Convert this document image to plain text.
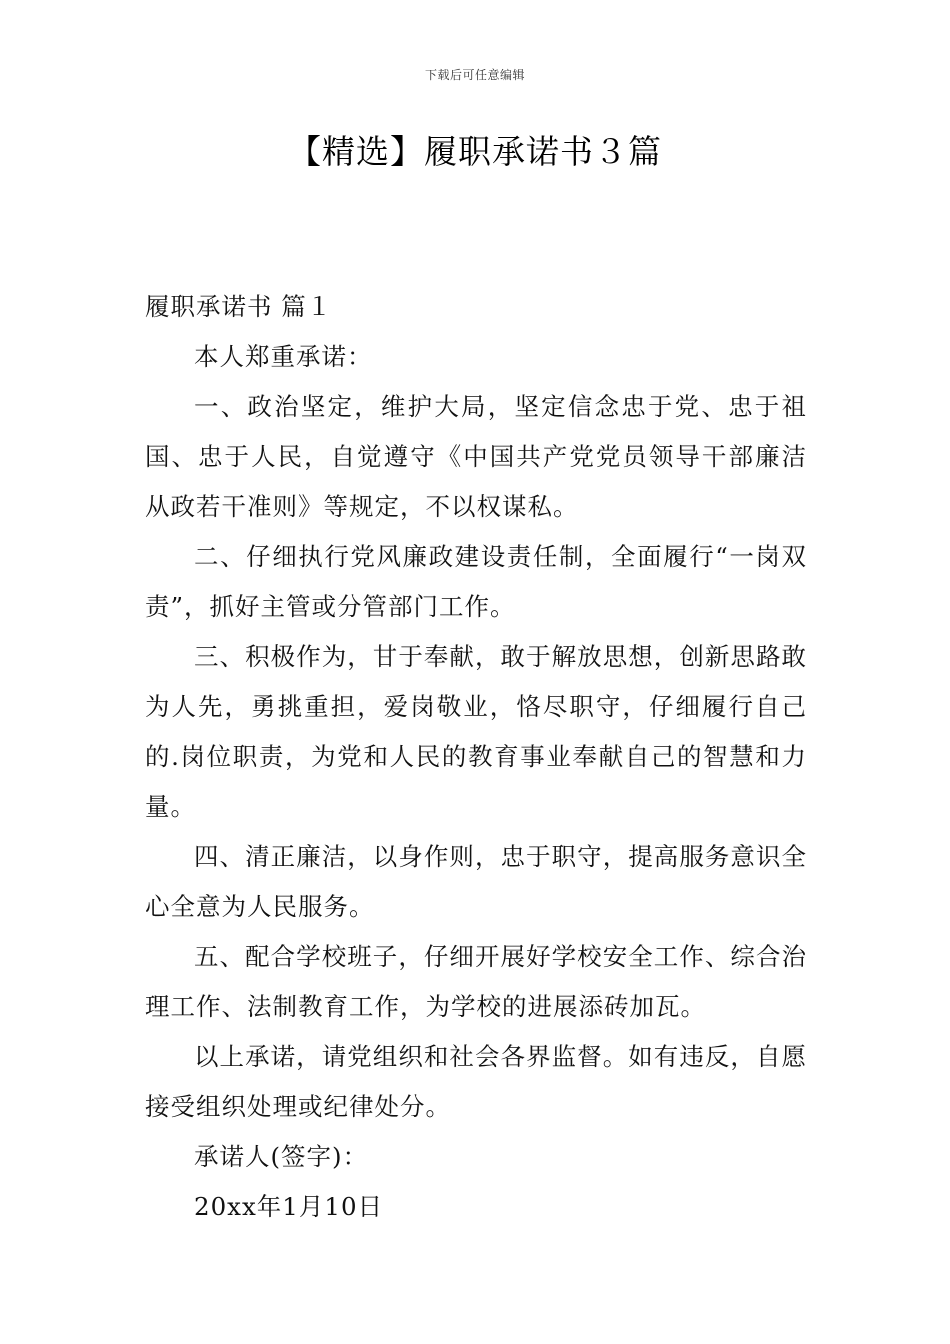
下载后可任意编辑
【精选】履职承诺书３篇

履职承诺书 篇１

本人郑重承诺：

一、政治坚定，维护大局，坚定信念忠于党、忠于祖国、忠于人民，自觉遵守《中国共产党党员领导干部廉洁从政若干准则》等规定，不以权谋私。

二、仔细执行党风廉政建设责任制，全面履行“一岗双责”，抓好主管或分管部门工作。

三、积极作为，甘于奉献，敢于解放思想，创新思路敢为人先，勇挑重担，爱岗敬业，恪尽职守，仔细履行自己的.岗位职责，为党和人民的教育事业奉献自己的智慧和力量。

四、清正廉洁，以身作则，忠于职守，提高服务意识全心全意为人民服务。

五、配合学校班子，仔细开展好学校安全工作、综合治理工作、法制教育工作，为学校的进展添砖加瓦。

以上承诺，请党组织和社会各界监督。如有违反，自愿接受组织处理或纪律处分。

承诺人(签字)：

20xx年1月10日
